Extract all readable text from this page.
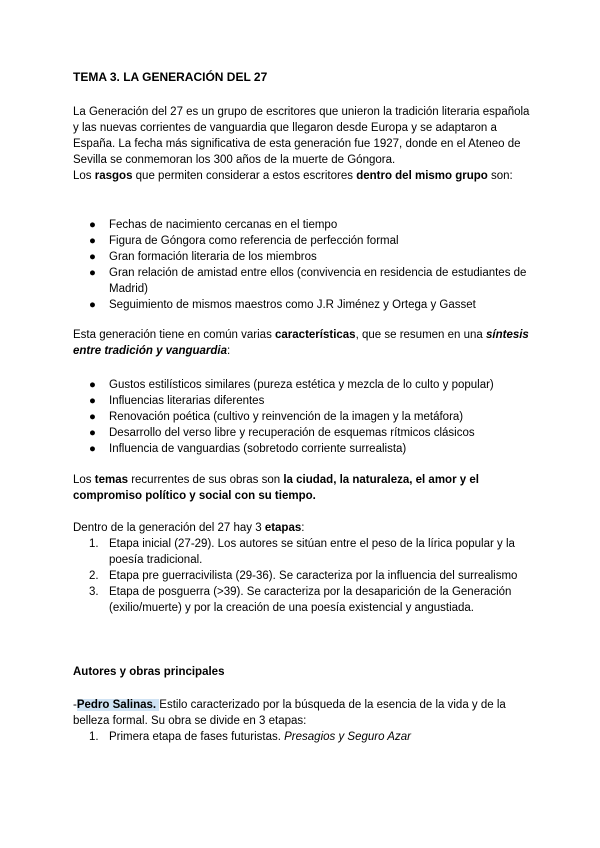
TEMA 3. LA GENERACIÓN DEL 27
La Generación del 27 es un grupo de escritores que unieron la tradición literaria española y las nuevas corrientes de vanguardia que llegaron desde Europa y se adaptaron a España. La fecha más significativa de esta generación fue 1927, donde en el Ateneo de Sevilla se conmemoran los 300 años de la muerte de Góngora.
Los rasgos que permiten considerar a estos escritores dentro del mismo grupo son:
● Fechas de nacimiento cercanas en el tiempo
● Figura de Góngora como referencia de perfección formal
● Gran formación literaria de los miembros
● Gran relación de amistad entre ellos (convivencia en residencia de estudiantes de Madrid)
● Seguimiento de mismos maestros como J.R Jiménez y Ortega y Gasset
Esta generación tiene en común varias características, que se resumen en una síntesis entre tradición y vanguardia:
● Gustos estilísticos similares (pureza estética y mezcla de lo culto y popular)
● Influencias literarias diferentes
● Renovación poética (cultivo y reinvención de la imagen y la metáfora)
● Desarrollo del verso libre y recuperación de esquemas rítmicos clásicos
● Influencia de vanguardias (sobretodo corriente surrealista)
Los temas recurrentes de sus obras son la ciudad, la naturaleza, el amor y el compromiso político y social con su tiempo.
Dentro de la generación del 27 hay 3 etapas:
1. Etapa inicial (27-29). Los autores se sitúan entre el peso de la lírica popular y la poesía tradicional.
2. Etapa pre guerracivilista (29-36). Se caracteriza por la influencia del surrealismo
3. Etapa de posguerra (>39). Se caracteriza por la desaparición de la Generación (exilio/muerte) y por la creación de una poesía existencial y angustiada.
Autores y obras principales
-Pedro Salinas. Estilo caracterizado por la búsqueda de la esencia de la vida y de la belleza formal. Su obra se divide en 3 etapas:
1. Primera etapa de fases futuristas. Presagios y Seguro Azar
